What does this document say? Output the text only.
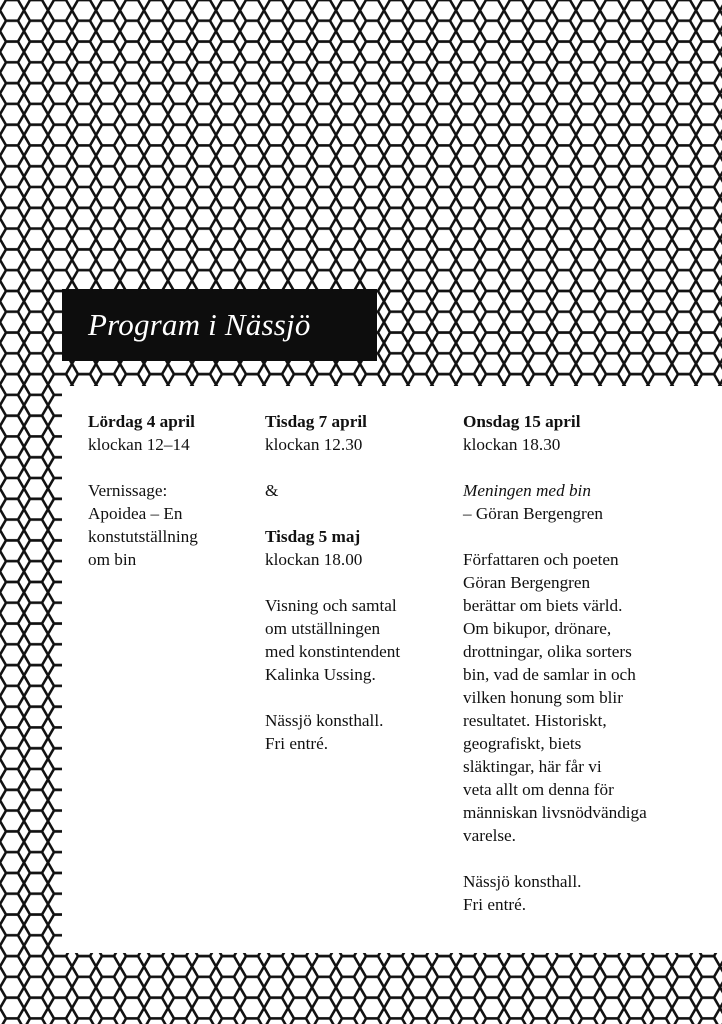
Program i Nässjö

Lördag 4 april

klockan 12–14

Vernissage:

Apoidea – En

konstutställning

om bin

Tisdag 7 april

klockan 12.30

&

Tisdag 5 maj

klockan 18.00

Visning och samtal

om utställningen

med konstintendent

Kalinka Ussing.

Nässjö konsthall.

Fri entré.

Onsdag 15 april

klockan 18.30

Meningen med bin

– Göran Bergengren

Författaren och poeten

Göran Bergengren

berättar om biets värld.

Om bikupor, drönare,

drottningar, olika sorters

bin, vad de samlar in och

vilken honung som blir

resultatet. Historiskt,

geografiskt, biets

släktingar, här får vi

veta allt om denna för

människan livsnödvändiga

varelse.

Nässjö konsthall.

Fri entré.
